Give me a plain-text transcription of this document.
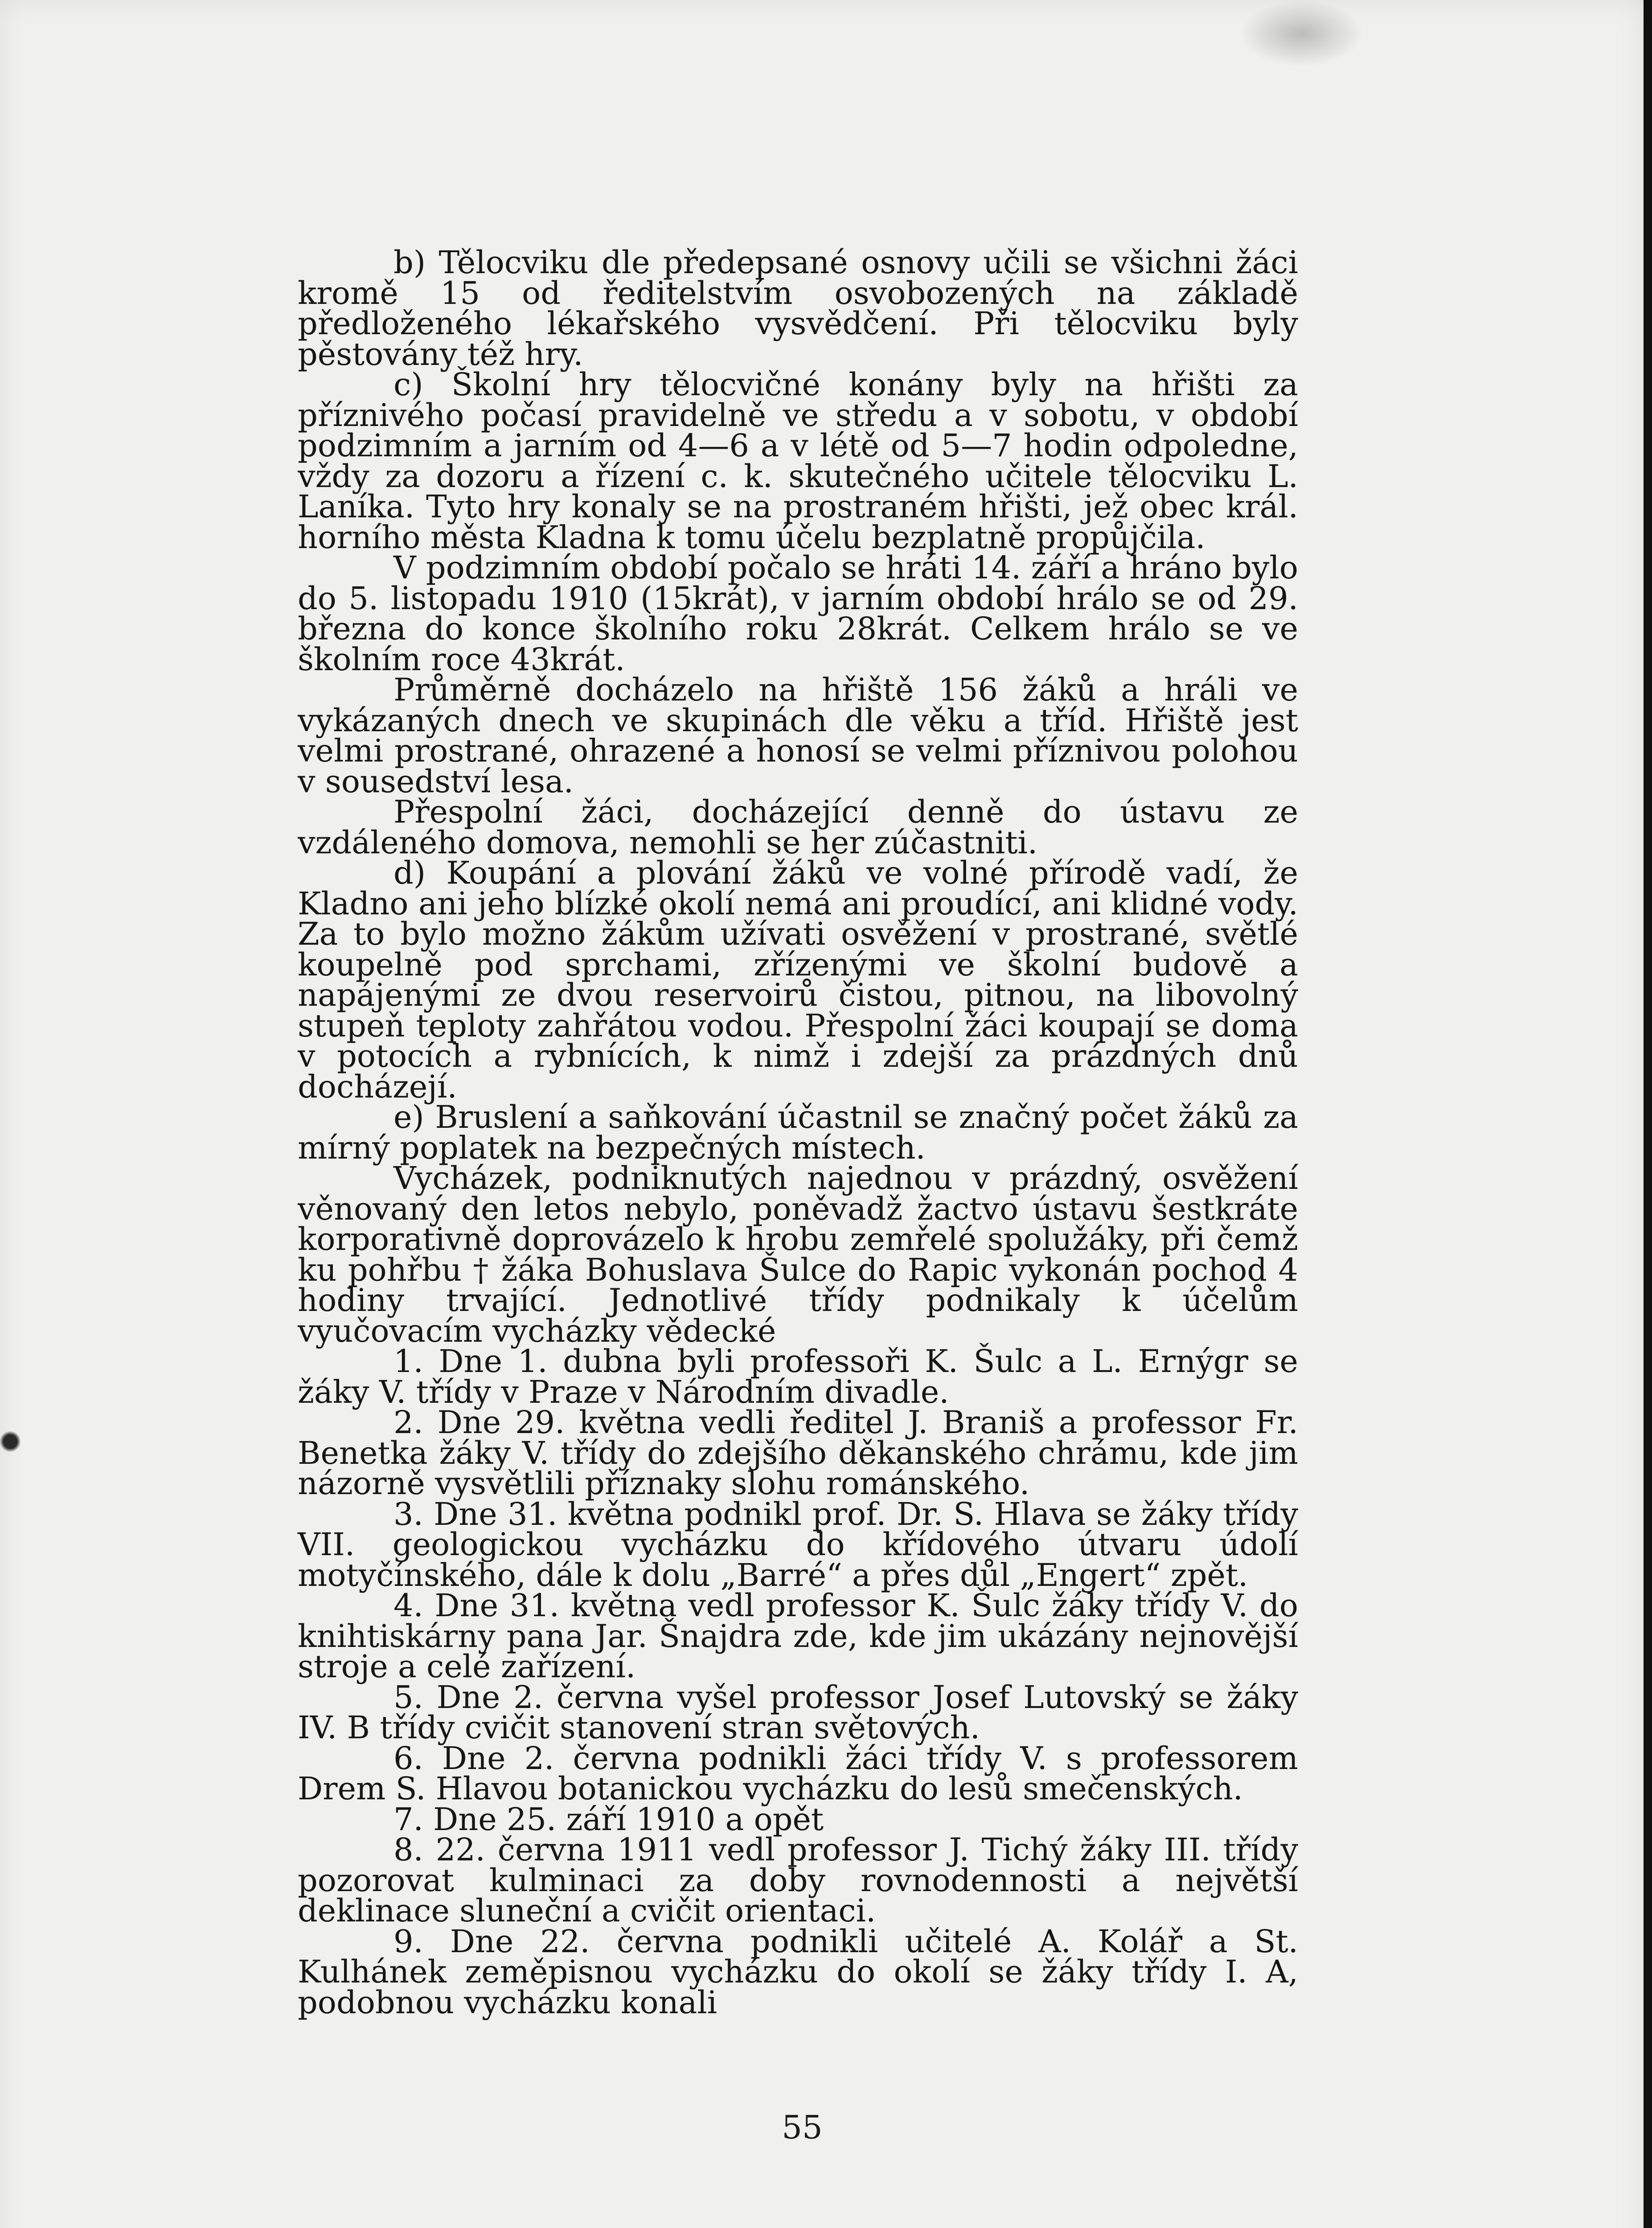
b) Tělocviku dle předepsané osnovy učili se všichni žáci kromě 15 od ředitelstvím osvobozených na základě předloženého lékařského vysvědčení. Při tělocviku byly pěstovány též hry.

c) Školní hry tělocvičné konány byly na hřišti za příznivého počasí pravidelně ve středu a v sobotu, v období podzimním a jarním od 4—6 a v létě od 5—7 hodin odpoledne, vždy za dozoru a řízení c. k. skutečného učitele tělocviku L. Laníka. Tyto hry konaly se na prostraném hřišti, jež obec král. horního města Kladna k tomu účelu bezplatně propůjčila.

V podzimním období počalo se hráti 14. září a hráno bylo do 5. listopadu 1910 (15krát), v jarním období hrálo se od 29. března do konce školního roku 28krát. Celkem hrálo se ve školním roce 43krát.

Průměrně docházelo na hřiště 156 žáků a hráli ve vykázaných dnech ve skupinách dle věku a tříd. Hřiště jest velmi prostrané, ohrazené a honosí se velmi příznivou polohou v sousedství lesa.

Přespolní žáci, docházející denně do ústavu ze vzdáleného domova, nemohli se her zúčastniti.

d) Koupání a plování žáků ve volné přírodě vadí, že Kladno ani jeho blízké okolí nemá ani proudící, ani klidné vody. Za to bylo možno žákům užívati osvěžení v prostrané, světlé koupelně pod sprchami, zřízenými ve školní budově a napájenými ze dvou reservoirů čistou, pitnou, na libovolný stupeň teploty zahřátou vodou. Přespolní žáci koupají se doma v potocích a rybnících, k nimž i zdejší za prázdných dnů docházejí.

e) Bruslení a saňkování účastnil se značný počet žáků za mírný poplatek na bezpečných místech.

Vycházek, podniknutých najednou v prázdný, osvěžení věnovaný den letos nebylo, poněvadž žactvo ústavu šestkráte korporativně doprovázelo k hrobu zemřelé spolužáky, při čemž ku pohřbu † žáka Bohuslava Šulce do Rapic vykonán pochod 4 hodiny trvající. Jednotlivé třídy podnikaly k účelům vyučovacím vycházky vědecké

1. Dne 1. dubna byli professoři K. Šulc a L. Ernýgr se žáky V. třídy v Praze v Národním divadle.

2. Dne 29. května vedli ředitel J. Braniš a professor Fr. Benetka žáky V. třídy do zdejšího děkanského chrámu, kde jim názorně vysvětlili příznaky slohu románského.

3. Dne 31. května podnikl prof. Dr. S. Hlava se žáky třídy VII. geologickou vycházku do křídového útvaru údolí motyčínského, dále k dolu „Barré“ a přes důl „Engert“ zpět.

4. Dne 31. května vedl professor K. Šulc žáky třídy V. do knihtiskárny pana Jar. Šnajdra zde, kde jim ukázány nejnovější stroje a celé zařízení.

5. Dne 2. června vyšel professor Josef Lutovský se žáky IV. B třídy cvičit stanovení stran světových.

6. Dne 2. června podnikli žáci třídy V. s professorem Drem S. Hlavou botanickou vycházku do lesů smečenských.

7. Dne 25. září 1910 a opět

8. 22. června 1911 vedl professor J. Tichý žáky III. třídy pozorovat kulminaci za doby rovnodennosti a největší deklinace sluneční a cvičit orientaci.

9. Dne 22. června podnikli učitelé A. Kolář a St. Kulhánek zeměpisnou vycházku do okolí se žáky třídy I. A, podobnou vycházku konali

55
